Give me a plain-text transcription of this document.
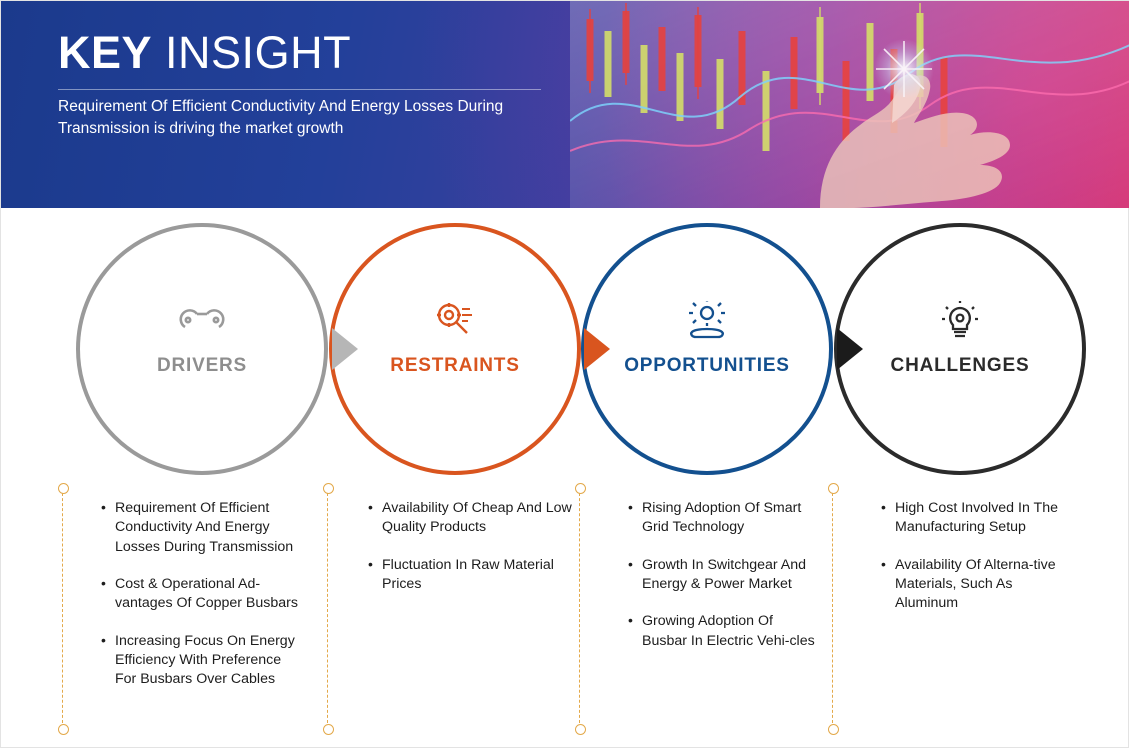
KEY INSIGHT
Requirement Of Efficient Conductivity And Energy Losses During Transmission is driving the market growth
DRIVERS	RESTRAINTS	OPPORTUNITIES	CHALLENGES
• Requirement Of Efficient Conductivity And Energy Losses During Transmission
• Cost & Operational Ad-vantages Of Copper Busbars
• Increasing Focus On Energy Efficiency With Preference For Busbars Over Cables
• Availability Of Cheap And Low Quality Products
• Fluctuation In Raw Material Prices
• Rising Adoption Of Smart Grid Technology
• Growth In Switchgear And Energy & Power Market
• Growing Adoption Of Busbar In Electric Vehi-cles
• High Cost Involved In The Manufacturing Setup
• Availability Of Alterna-tive Materials, Such As Aluminum
